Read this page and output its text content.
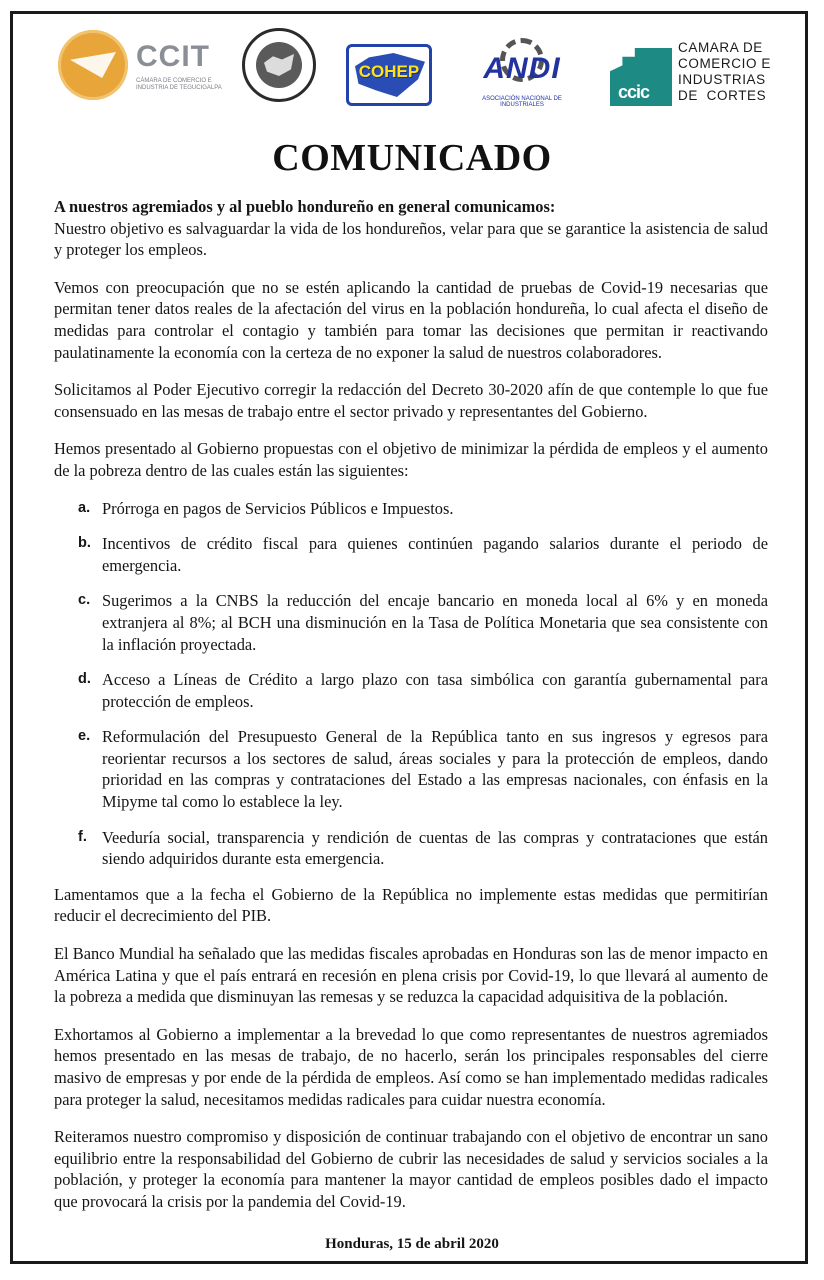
CCIT
CÁMARA DE COMERCIO E INDUSTRIA DE TEGUCIGALPA
COHEP	ANDI
ASOCIACIÓN NACIONAL DE INDUSTRIALES
ccic
CAMARA DE
COMERCIO E
INDUSTRIAS
DE  CORTES
COMUNICADO

A nuestros agremiados y al pueblo hondureño en general comunicamos:

Nuestro objetivo es salvaguardar la vida de los hondureños, velar para que se garantice la asistencia de salud y proteger los empleos.

Vemos con preocupación que no se estén aplicando la cantidad de pruebas de Covid-19 necesarias que permitan tener datos reales de la afectación del virus en la población hondureña, lo cual afecta el diseño de medidas para controlar el contagio y también para tomar las decisiones que permitan ir reactivando paulatinamente la economía con la certeza de no exponer la salud de nuestros colaboradores.

Solicitamos al Poder Ejecutivo corregir la redacción del Decreto 30-2020 afín de que contemple lo que fue consensuado en las mesas de trabajo entre el sector privado y representantes del Gobierno.

Hemos presentado al Gobierno propuestas con el objetivo de minimizar la pérdida de empleos y el aumento de la pobreza dentro de las cuales están las siguientes:

a. Prórroga en pagos de Servicios Públicos e Impuestos.
b. Incentivos de crédito fiscal para quienes continúen pagando salarios durante el periodo de emergencia.
c. Sugerimos a la CNBS la reducción del encaje bancario en moneda local al 6% y en moneda extranjera al 8%; al BCH una disminución en la Tasa de Política Monetaria que sea consistente con la inflación proyectada.
d. Acceso a Líneas de Crédito a largo plazo con tasa simbólica con garantía gubernamental para protección de empleos.
e. Reformulación del Presupuesto General de la República tanto en sus ingresos y egresos para reorientar recursos a los sectores de salud, áreas sociales y para la protección de empleos, dando prioridad en las compras y contrataciones del Estado a las empresas nacionales, con énfasis en la Mipyme tal como lo establece la ley.
f. Veeduría social, transparencia y rendición de cuentas de las compras y contrataciones que están siendo adquiridos durante esta emergencia.

Lamentamos que a la fecha el Gobierno de la República no implemente estas medidas que permitirían reducir el decrecimiento del PIB.

El Banco Mundial ha señalado que las medidas fiscales aprobadas en Honduras son las de menor impacto en América Latina y que el país entrará en recesión en plena crisis por Covid-19, lo que llevará al aumento de la pobreza a medida que disminuyan las remesas y se reduzca la capacidad adquisitiva de la población.

Exhortamos al Gobierno a implementar a la brevedad lo que como representantes de nuestros agremiados hemos presentado en las mesas de trabajo, de no hacerlo, serán los principales responsables del cierre masivo de empresas y por ende de la pérdida de empleos. Así como se han implementado medidas radicales para proteger la salud, necesitamos medidas radicales para cuidar nuestra economía.

Reiteramos nuestro compromiso y disposición de continuar trabajando con el objetivo de encontrar un sano equilibrio entre la responsabilidad del Gobierno de cubrir las necesidades de salud y servicios sociales a la población, y proteger la economía para mantener la mayor cantidad de empleos posibles dado el impacto que provocará la crisis por la pandemia del Covid-19.

Honduras, 15 de abril 2020
